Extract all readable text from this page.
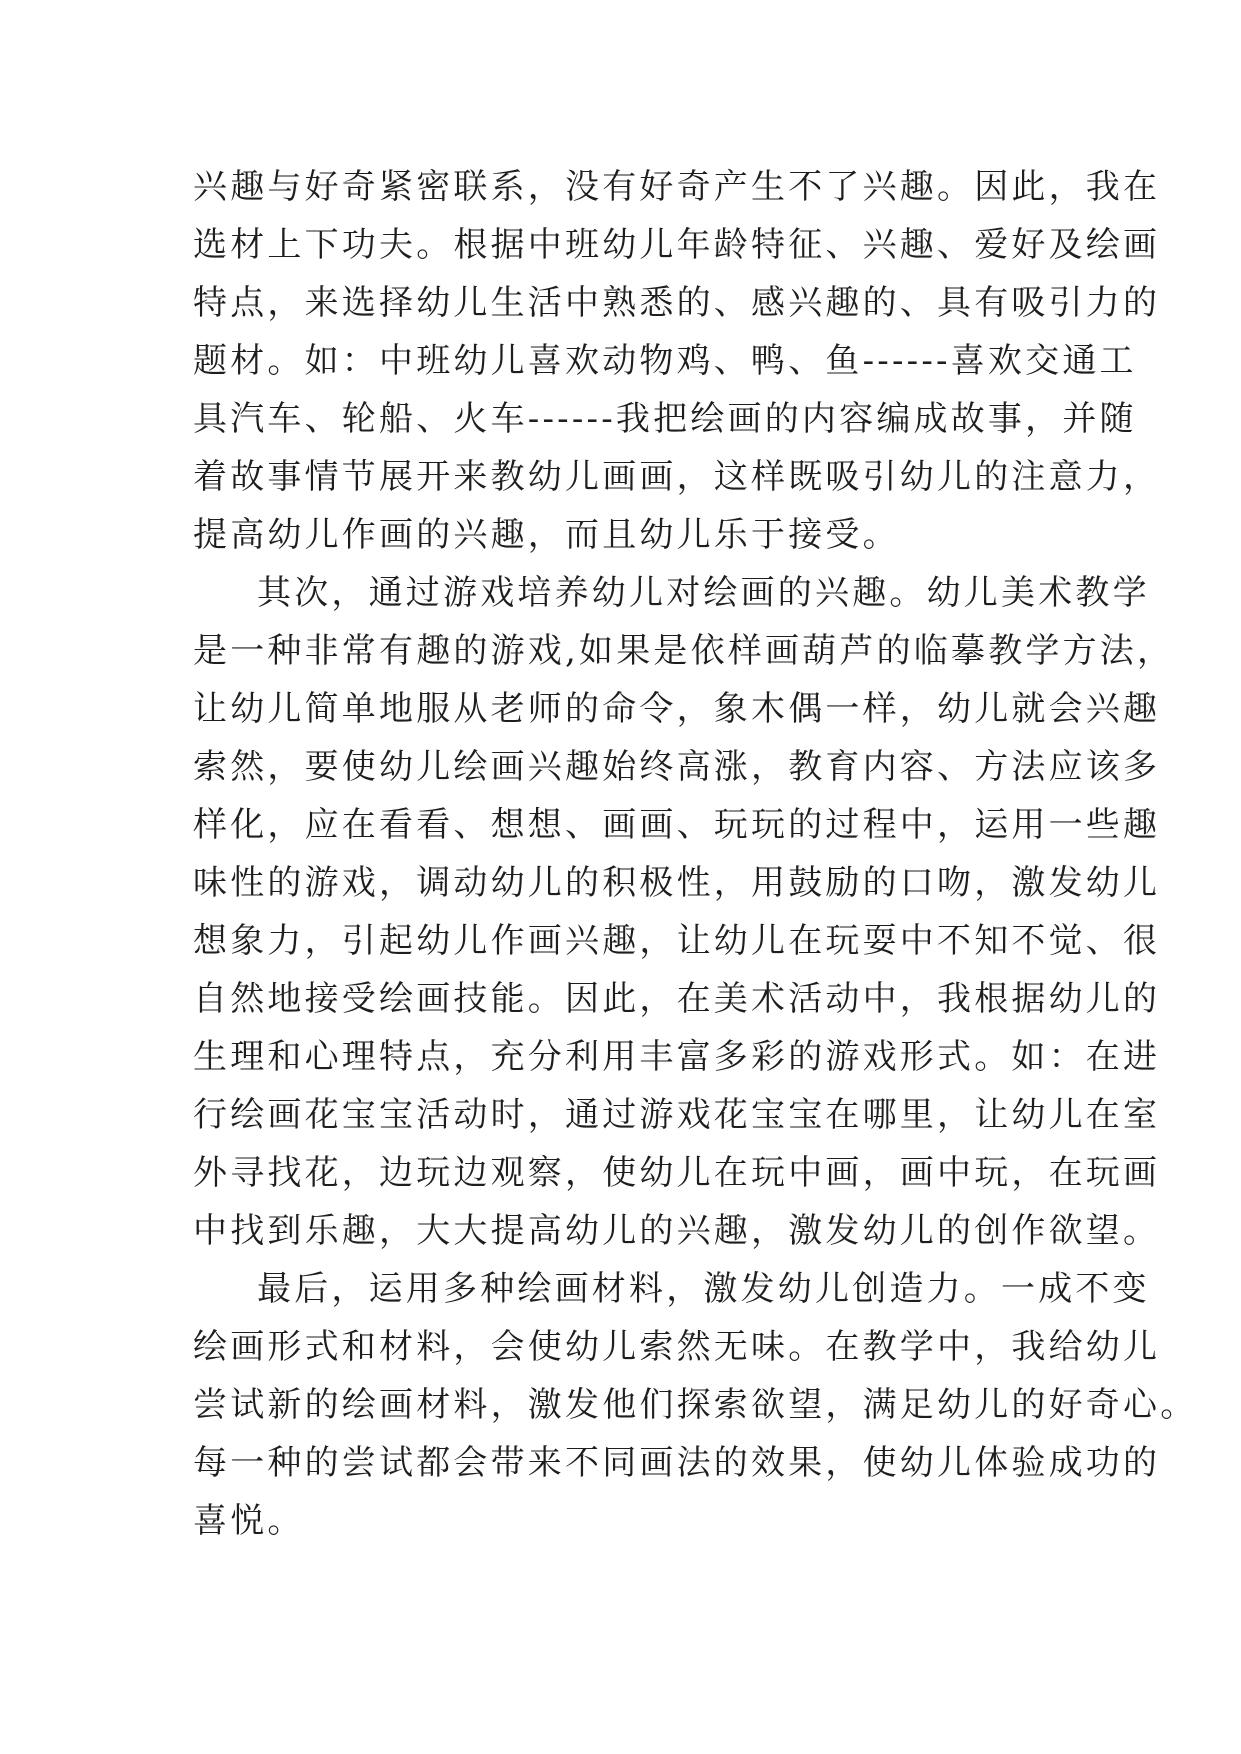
兴趣与好奇紧密联系，没有好奇产生不了兴趣。因此，我在
选材上下功夫。根据中班幼儿年龄特征、兴趣、爱好及绘画
特点，来选择幼儿生活中熟悉的、感兴趣的、具有吸引力的
题材。如：中班幼儿喜欢动物鸡、鸭、鱼------喜欢交通工
具汽车、轮船、火车------我把绘画的内容编成故事，并随
着故事情节展开来教幼儿画画，这样既吸引幼儿的注意力，
提高幼儿作画的兴趣，而且幼儿乐于接受。
其次，通过游戏培养幼儿对绘画的兴趣。幼儿美术教学
是一种非常有趣的游戏,如果是依样画葫芦的临摹教学方法，
让幼儿简单地服从老师的命令，象木偶一样，幼儿就会兴趣
索然，要使幼儿绘画兴趣始终高涨，教育内容、方法应该多
样化，应在看看、想想、画画、玩玩的过程中，运用一些趣
味性的游戏，调动幼儿的积极性，用鼓励的口吻，激发幼儿
想象力，引起幼儿作画兴趣，让幼儿在玩耍中不知不觉、很
自然地接受绘画技能。因此，在美术活动中，我根据幼儿的
生理和心理特点，充分利用丰富多彩的游戏形式。如：在进
行绘画花宝宝活动时，通过游戏花宝宝在哪里，让幼儿在室
外寻找花，边玩边观察，使幼儿在玩中画，画中玩，在玩画
中找到乐趣，大大提高幼儿的兴趣，激发幼儿的创作欲望。
最后，运用多种绘画材料，激发幼儿创造力。一成不变
绘画形式和材料，会使幼儿索然无味。在教学中，我给幼儿
尝试新的绘画材料，激发他们探索欲望，满足幼儿的好奇心。
每一种的尝试都会带来不同画法的效果，使幼儿体验成功的
喜悦。
